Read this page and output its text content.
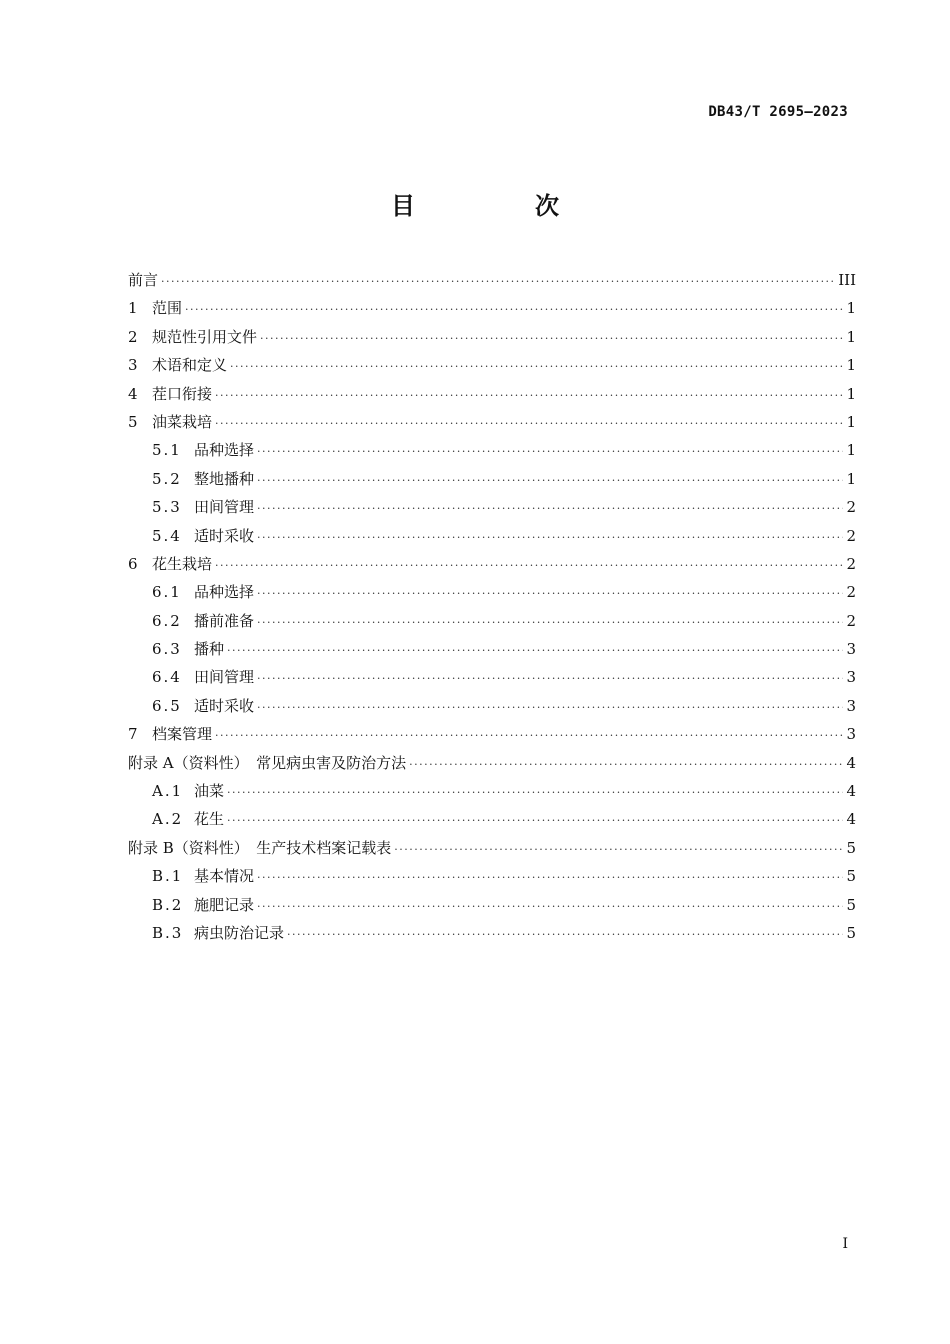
DB43/T 2695—2023
目　次
前言 ·····	III
1 范围 ·····	1
2 规范性引用文件 ·····	1
3 术语和定义 ·····	1
4 茬口衔接 ·····	1
5 油菜栽培 ·····	1
5.1 品种选择 ·····	1
5.2 整地播种 ·····	1
5.3 田间管理 ·····	2
5.4 适时采收 ·····	2
6 花生栽培 ·····	2
6.1 品种选择 ·····	2
6.2 播前准备 ·····	2
6.3 播种 ·····	3
6.4 田间管理 ·····	3
6.5 适时采收 ·····	3
7 档案管理 ·····	3
附录 A（资料性）　常见病虫害及防治方法 ·····	4
A.1 油菜 ·····	4
A.2 花生 ·····	4
附录 B（资料性）　生产技术档案记载表 ·····	5
B.1 基本情况 ·····	5
B.2 施肥记录 ·····	5
B.3 病虫防治记录 ·····	5
I
